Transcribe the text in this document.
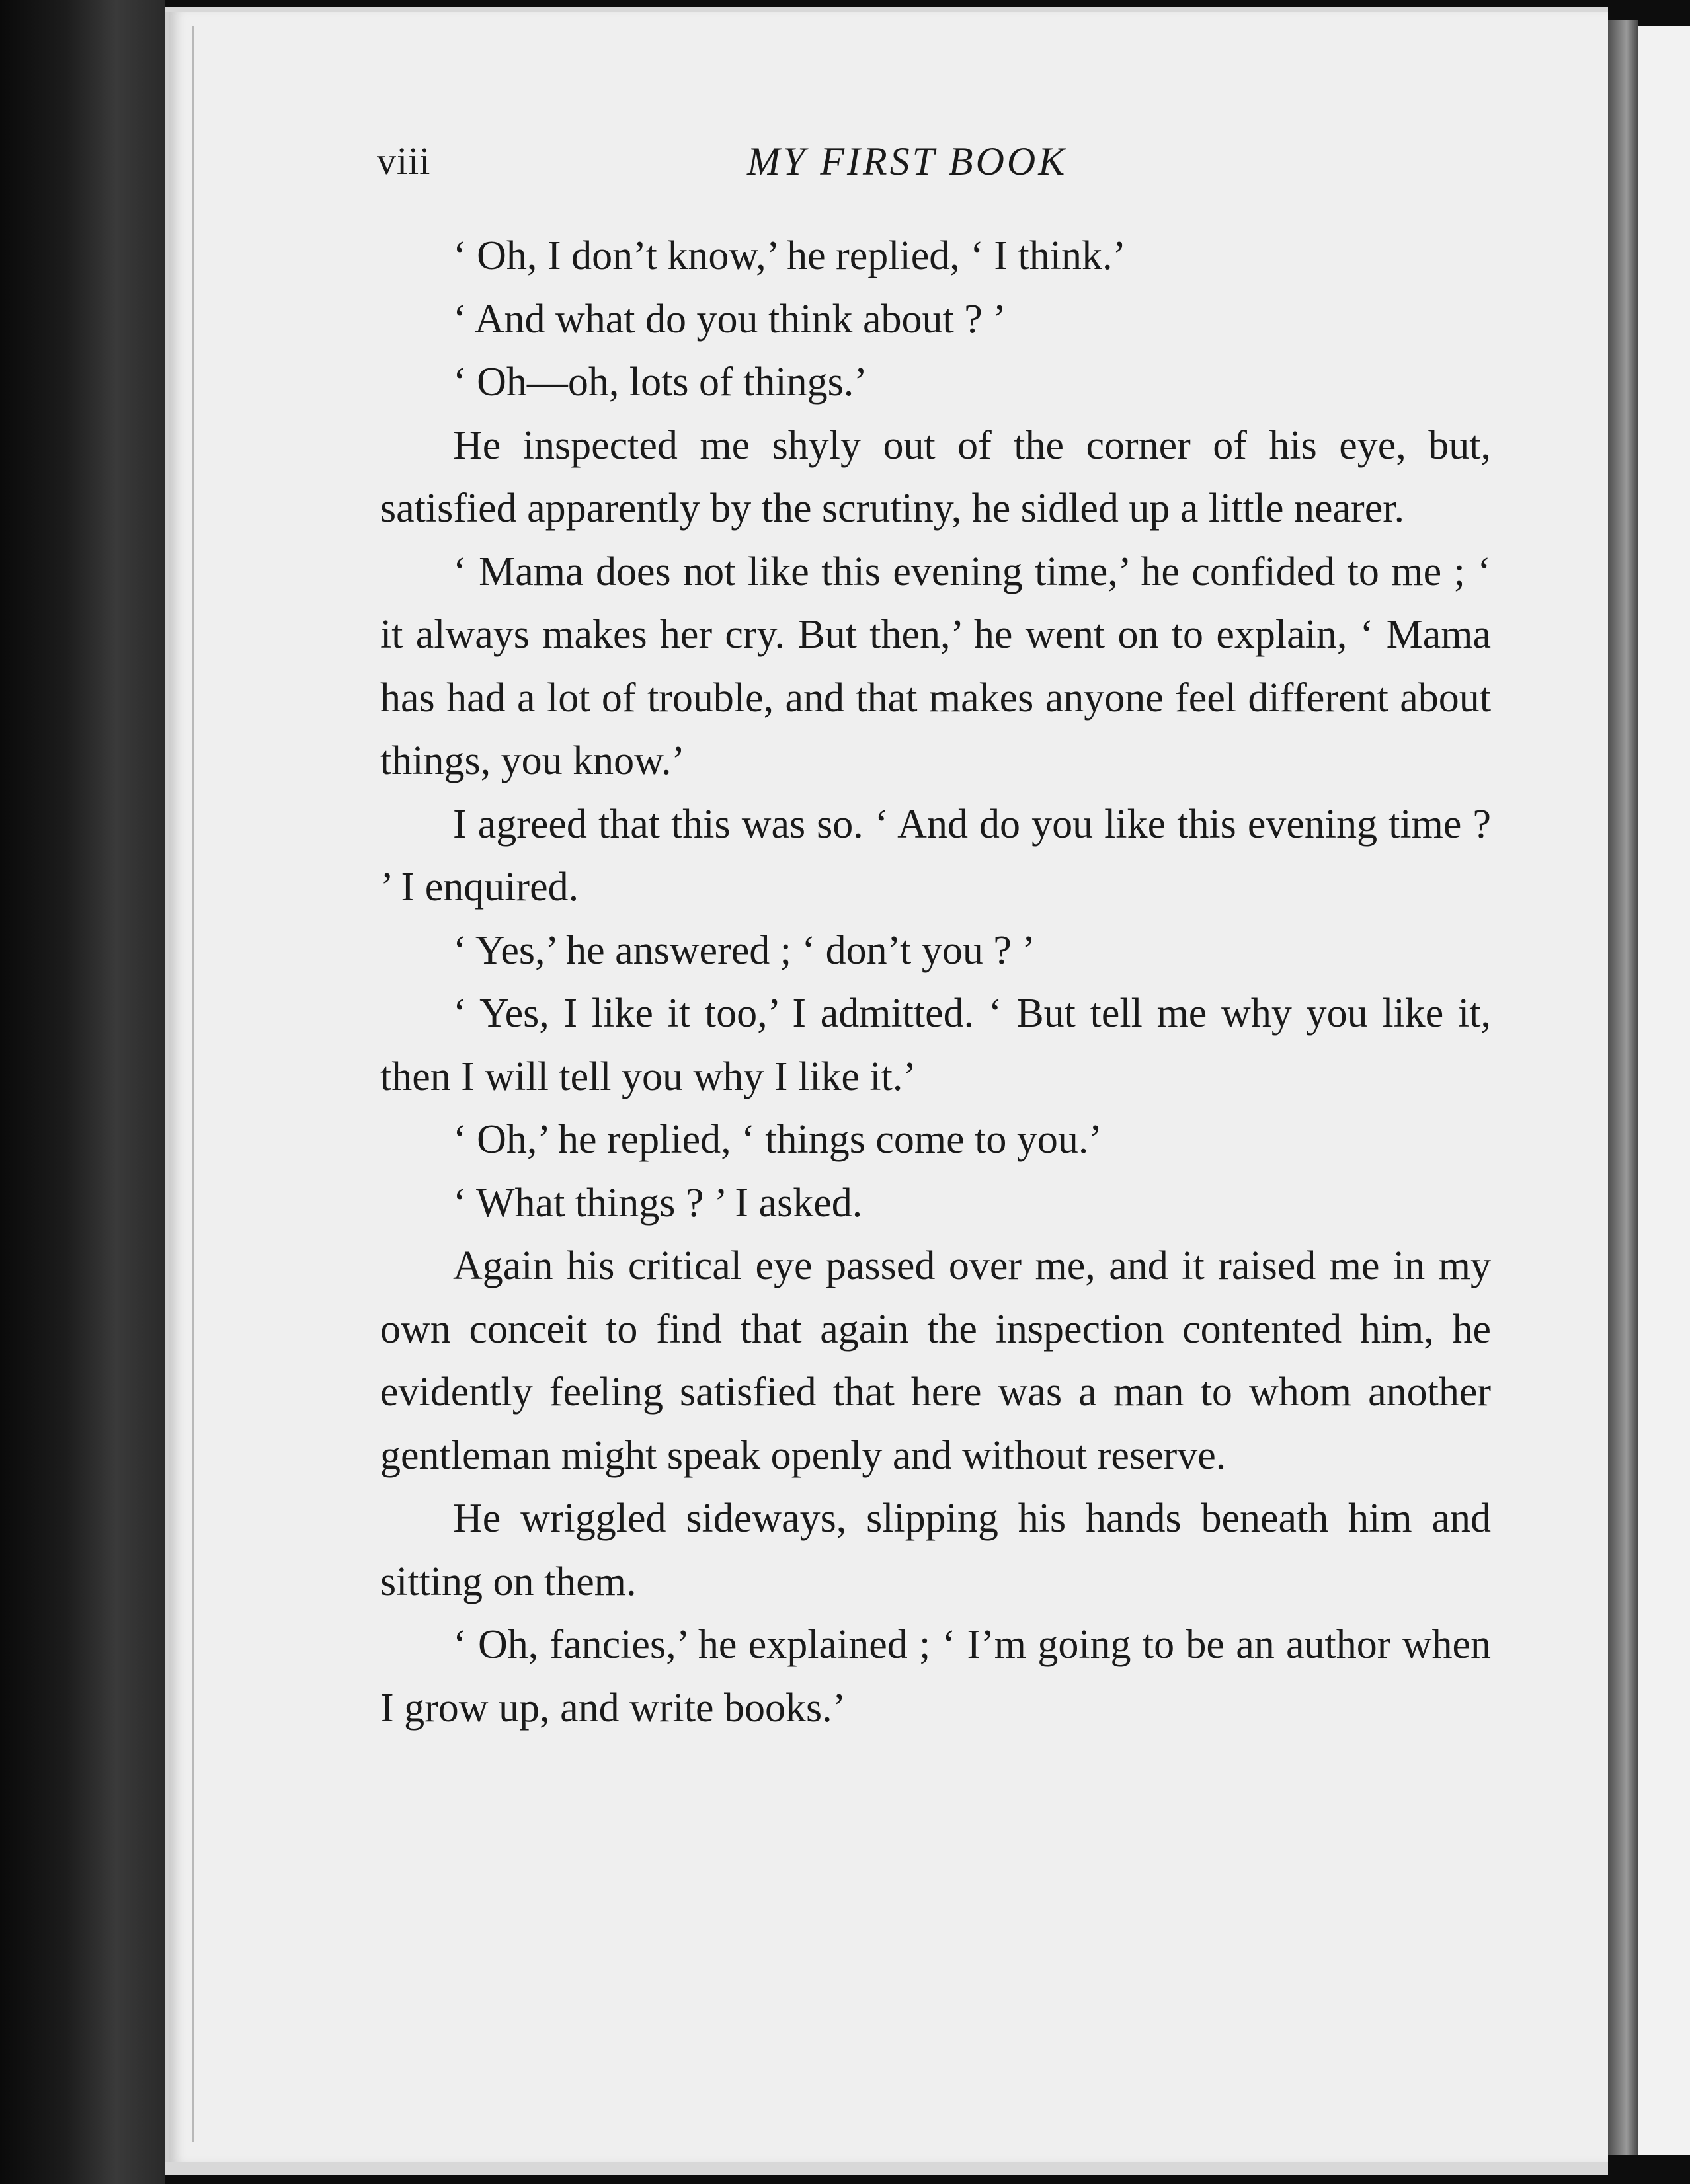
viii	MY FIRST BOOK

‘ Oh, I don’t know,’ he replied, ‘ I think.’

‘ And what do you think about ? ’

‘ Oh—oh, lots of things.’

He inspected me shyly out of the corner of his eye, but, satisfied apparently by the scrutiny, he sidled up a little nearer.

‘ Mama does not like this evening time,’ he confided to me ; ‘ it always makes her cry. But then,’ he went on to explain, ‘ Mama has had a lot of trouble, and that makes anyone feel different about things, you know.’

I agreed that this was so. ‘ And do you like this evening time ? ’ I enquired.

‘ Yes,’ he answered ; ‘ don’t you ? ’

‘ Yes, I like it too,’ I admitted. ‘ But tell me why you like it, then I will tell you why I like it.’

‘ Oh,’ he replied, ‘ things come to you.’

‘ What things ? ’ I asked.

Again his critical eye passed over me, and it raised me in my own conceit to find that again the inspection contented him, he evidently feeling satisfied that here was a man to whom another gentleman might speak openly and without reserve.

He wriggled sideways, slipping his hands beneath him and sitting on them.

‘ Oh, fancies,’ he explained ; ‘ I’m going to be an author when I grow up, and write books.’
